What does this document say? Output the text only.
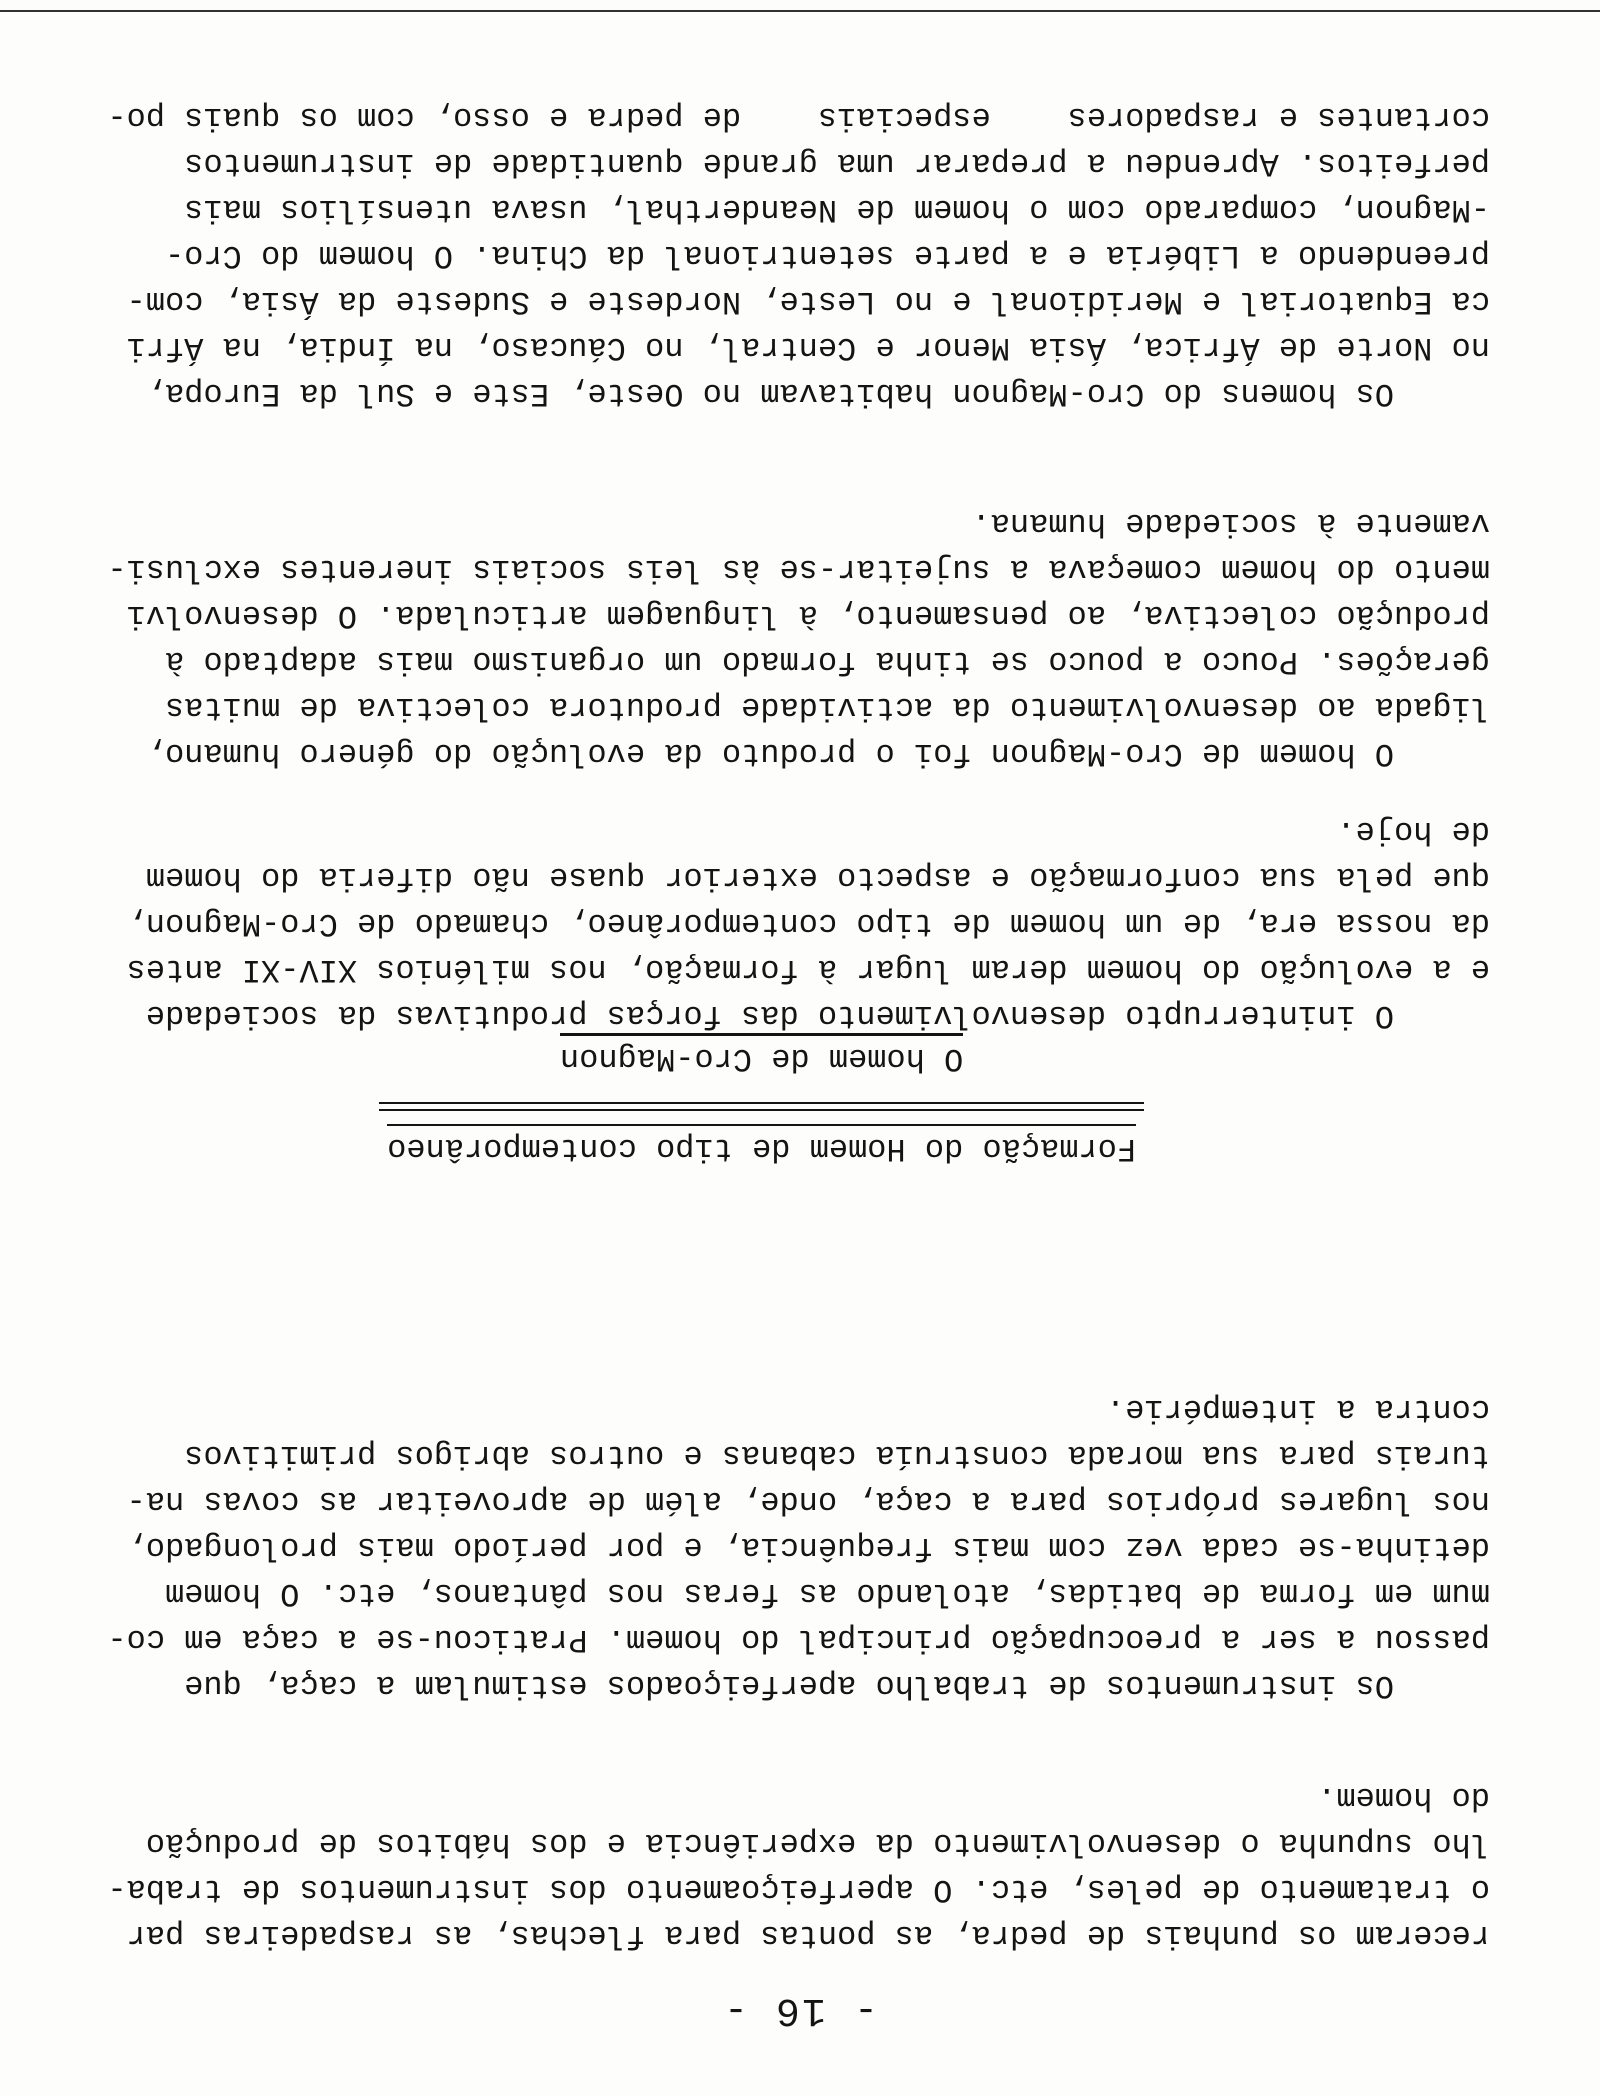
- 16 -
receram os punhais de pedra, as pontas para flechas, as raspadeiras par
o tratamento de peles, etc. O aperfeiçoamento dos instrumentos de traba-
lho supunha o desenvolvimento da experiência e dos hábitos de produção
do homem.
Os instrumentos de trabalho aperfeiçoados estimulam a caça, que
passou a ser a preocupação principal do homem. Praticou-se a caça em co-
mum em forma de batidas, atolando as feras nos pântanos, etc. O homem
detinha-se cada vez com mais frequência, e por período mais prolongado,
nos lugares próprios para a caça, onde, além de aproveitar as covas na-
turais para sua morada construía cabanas e outros abrigos primitivos
contra a intempérie.

Formação do Homem de tipo contemporâneo

O homem de Cro-Magnon

O ininterrupto desenvolvimento das forças produtivas da sociedade
e a evolução do homem deram lugar à formação, nos milénios XIV-XI antes
da nossa era, de um homem de tipo contemporâneo, chamado de Cro-Magnon,
que pela sua conformação e aspecto exterior quase não diferia do homem
de hoje.
O homem de Cro-Magnon foi o produto da evolução do género humano,
ligada ao desenvolvimento da actividade produtora colectiva de muitas
gerações. Pouco a pouco se tinha formado um organismo mais adaptado à
produção colectiva, ao pensamento, à linguagem articulada. O desenvolvi
mento do homem começava a sujeitar-se às leis sociais inerentes exclusi-
vamente à sociedade humana.
Os homens do Cro-Magnon habitavam no Oeste, Este e Sul da Europa,
no Norte de África, Ásia Menor e Central, no Cáucaso, na Índia, na Áfri
ca Equatorial e Meridional e no Leste, Nordeste e Sudeste da Ásia, com-
preendendo a Libéria e a parte setentrional da China. O homem do Cro-
-Magnon, comparado com o homem de Neanderthal, usava utensílios mais
perfeitos. Aprendeu a preparar uma grande quantidade de instrumentos
cortantes e raspadores    especiais    de pedra e osso, com os quais po-
